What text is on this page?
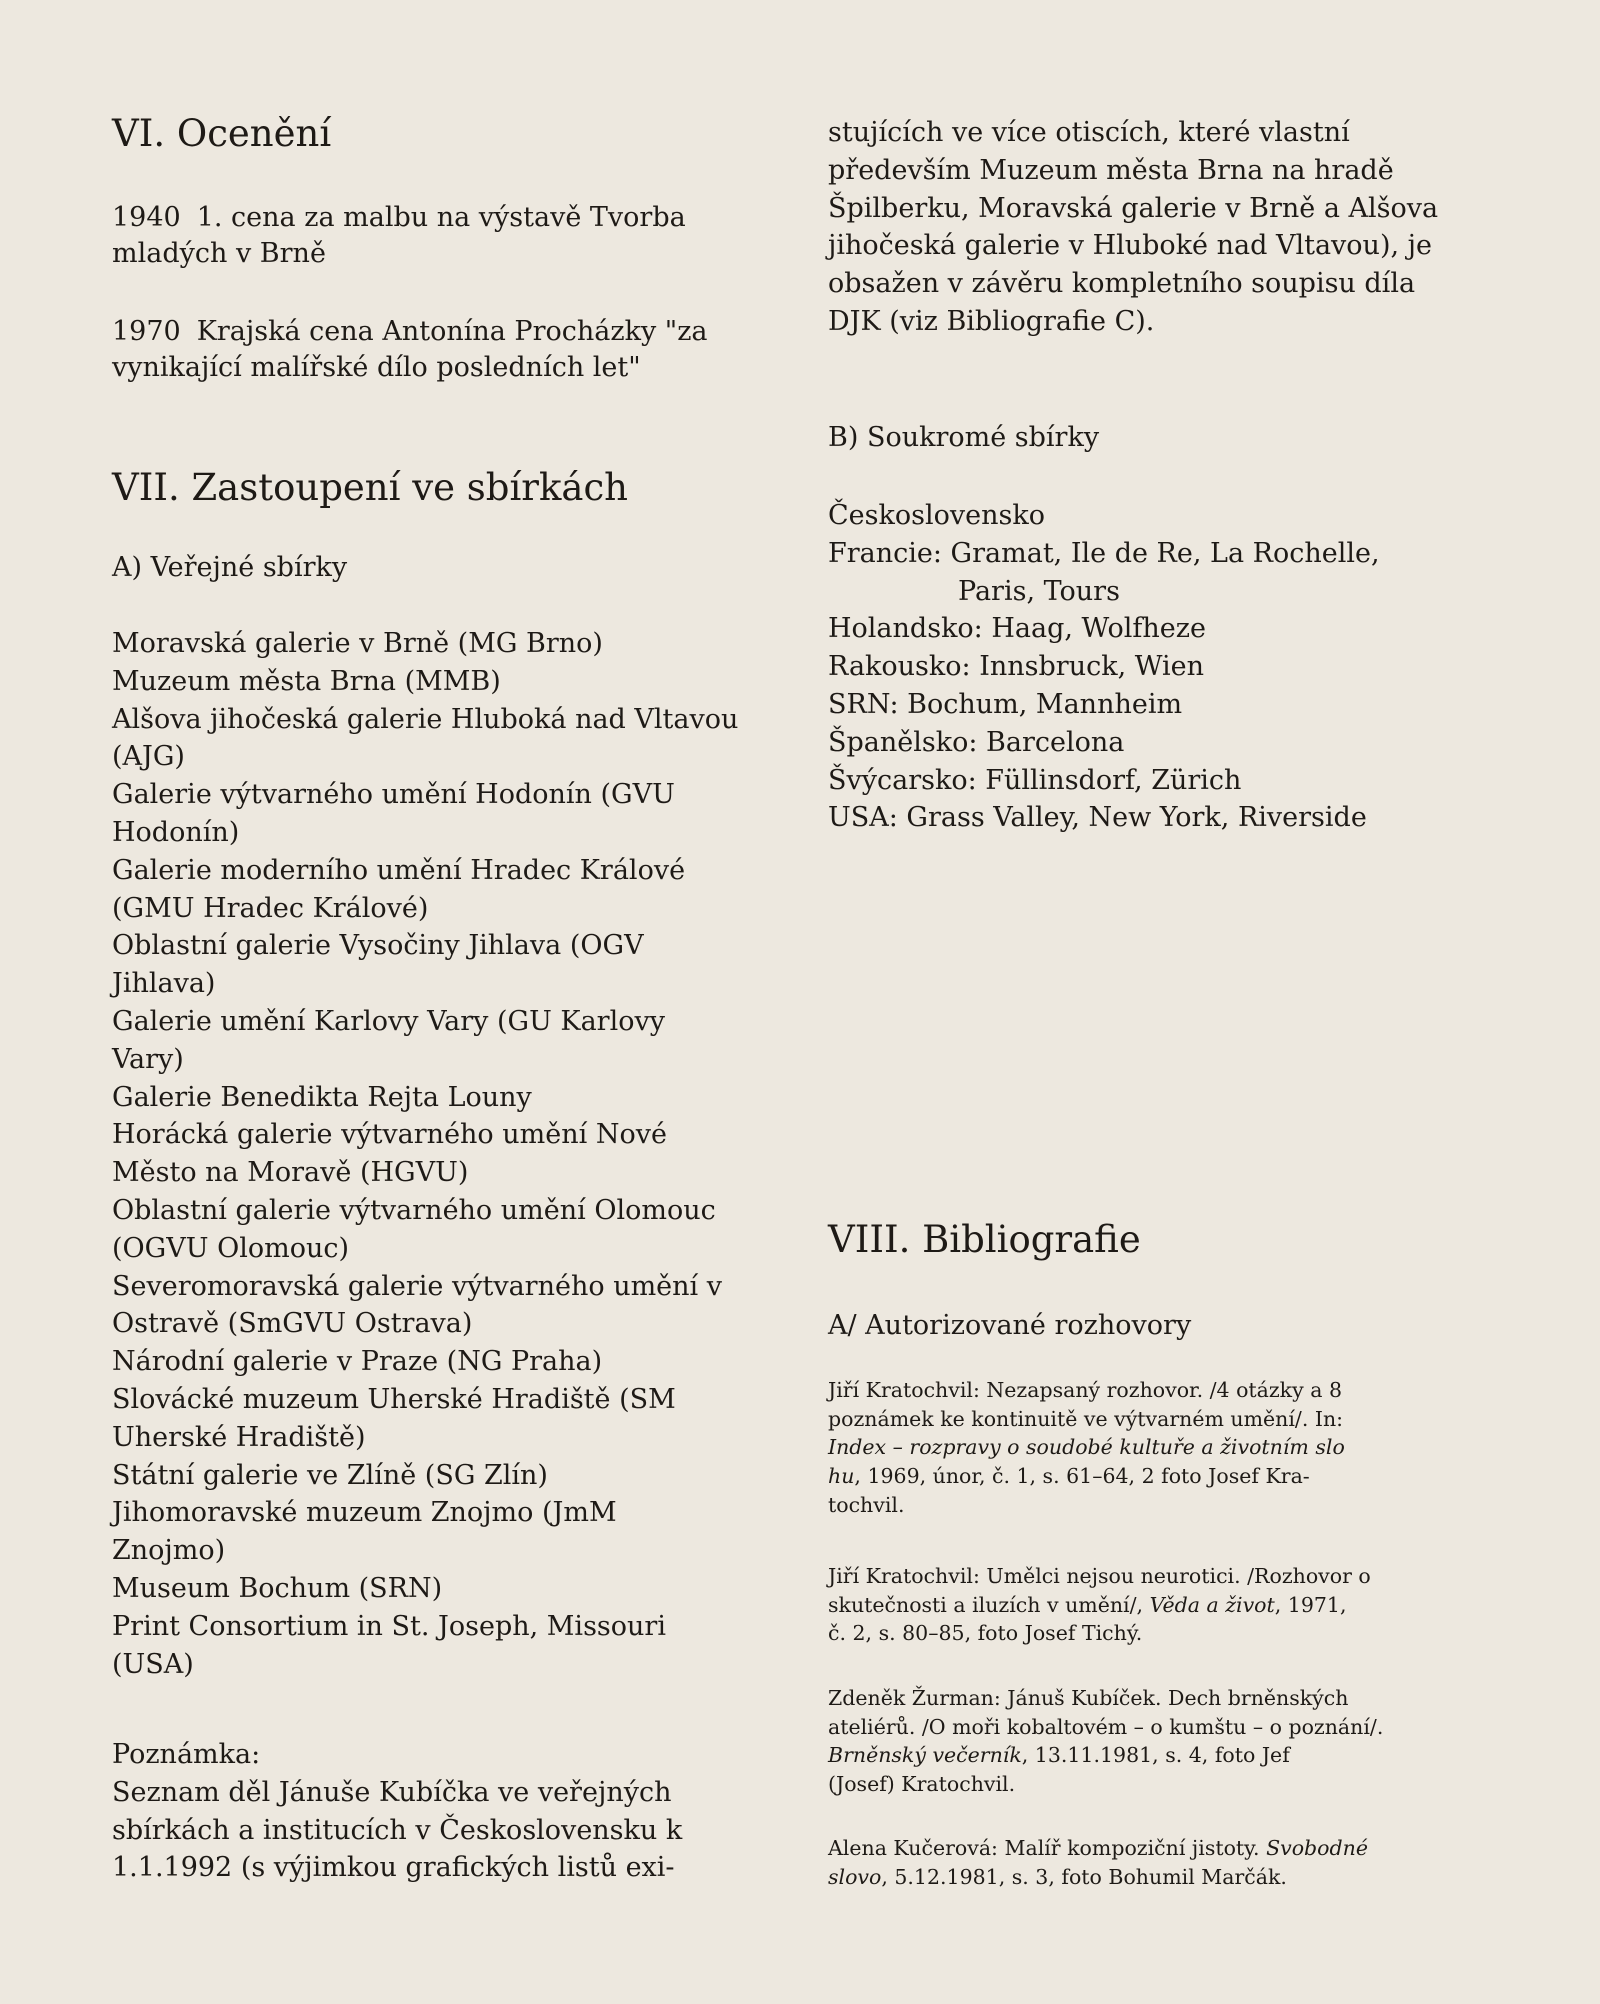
VI. Ocenění
1940 1. cena za malbu na výstavě Tvorba
mladých v Brně
1970 Krajská cena Antonína Procházky "za
vynikající malířské dílo posledních let"
VII. Zastoupení ve sbírkách
A) Veřejné sbírky
Moravská galerie v Brně (MG Brno)
Muzeum města Brna (MMB)
Alšova jihočeská galerie Hluboká nad Vltavou
(AJG)
Galerie výtvarného umění Hodonín (GVU
Hodonín)
Galerie moderního umění Hradec Králové
(GMU Hradec Králové)
Oblastní galerie Vysočiny Jihlava (OGV
Jihlava)
Galerie umění Karlovy Vary (GU Karlovy
Vary)
Galerie Benedikta Rejta Louny
Horácká galerie výtvarného umění Nové
Město na Moravě (HGVU)
Oblastní galerie výtvarného umění Olomouc
(OGVU Olomouc)
Severomoravská galerie výtvarného umění v
Ostravě (SmGVU Ostrava)
Národní galerie v Praze (NG Praha)
Slovácké muzeum Uherské Hradiště (SM
Uherské Hradiště)
Státní galerie ve Zlíně (SG Zlín)
Jihomoravské muzeum Znojmo (JmM
Znojmo)
Museum Bochum (SRN)
Print Consortium in St. Joseph, Missouri
(USA)
Poznámka:
Seznam děl Jánuše Kubíčka ve veřejných
sbírkách a institucích v Československu k
1.1.1992 (s výjimkou grafických listů exi-
stujících ve více otiscích, které vlastní
především Muzeum města Brna na hradě
Špilberku, Moravská galerie v Brně a Alšova
jihočeská galerie v Hluboké nad Vltavou), je
obsažen v závěru kompletního soupisu díla
DJK (viz Bibliografie C).
B) Soukromé sbírky
Československo
Francie: Gramat, Ile de Re, La Rochelle,
Paris, Tours
Holandsko: Haag, Wolfheze
Rakousko: Innsbruck, Wien
SRN: Bochum, Mannheim
Španělsko: Barcelona
Švýcarsko: Füllinsdorf, Zürich
USA: Grass Valley, New York, Riverside
VIII. Bibliografie
A/ Autorizované rozhovory
Jiří Kratochvil: Nezapsaný rozhovor. /4 otázky a 8
poznámek ke kontinuitě ve výtvarném umění/. In:
Index – rozpravy o soudobé kultuře a životním slo
hu, 1969, únor, č. 1, s. 61–64, 2 foto Josef Kra-
tochvil.
Jiří Kratochvil: Umělci nejsou neurotici. /Rozhovor o
skutečnosti a iluzích v umění/, Věda a život, 1971,
č. 2, s. 80–85, foto Josef Tichý.
Zdeněk Žurman: Jánuš Kubíček. Dech brněnských
ateliérů. /O moři kobaltovém – o kumštu – o poznání/.
Brněnský večerník, 13.11.1981, s. 4, foto Jef
(Josef) Kratochvil.
Alena Kučerová: Malíř kompoziční jistoty. Svobodné
slovo, 5.12.1981, s. 3, foto Bohumil Marčák.
